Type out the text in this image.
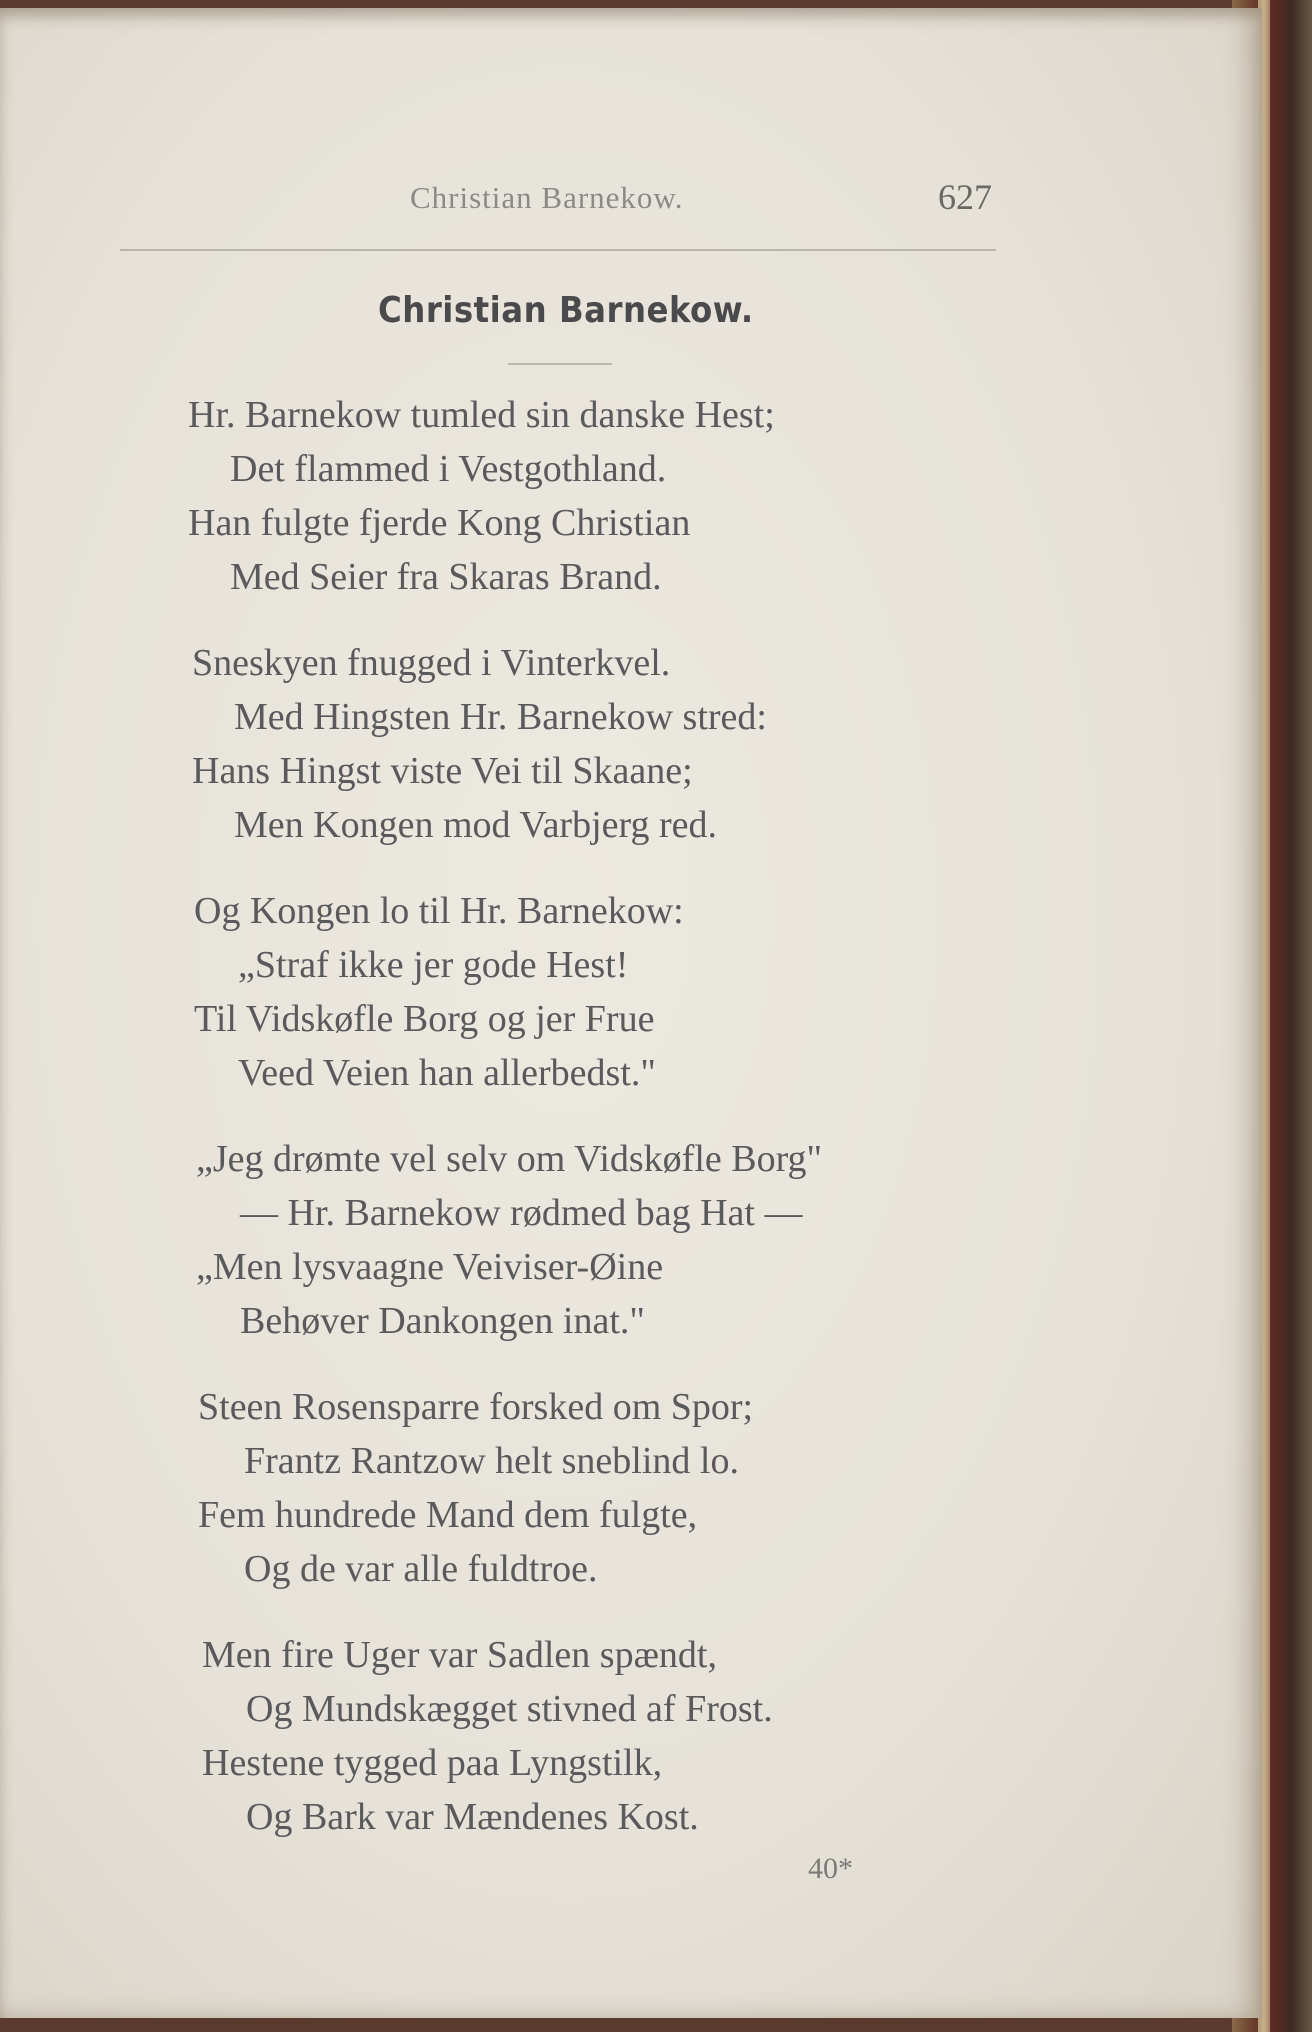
Christian Barnekow.	627
Christian Barnekow.
Hr. Barnekow tumled sin danske Hest;
Det flammed i Vestgothland.
Han fulgte fjerde Kong Christian
Med Seier fra Skaras Brand.
Sneskyen fnugged i Vinterkvel.
Med Hingsten Hr. Barnekow stred:
Hans Hingst viste Vei til Skaane;
Men Kongen mod Varbjerg red.
Og Kongen lo til Hr. Barnekow:
„Straf ikke jer gode Hest!
Til Vidskøfle Borg og jer Frue
Veed Veien han allerbedst."
„Jeg drømte vel selv om Vidskøfle Borg"
— Hr. Barnekow rødmed bag Hat —
„Men lysvaagne Veiviser-Øine
Behøver Dankongen inat."
Steen Rosensparre forsked om Spor;
Frantz Rantzow helt sneblind lo.
Fem hundrede Mand dem fulgte,
Og de var alle fuldtroe.
Men fire Uger var Sadlen spændt,
Og Mundskægget stivned af Frost.
Hestene tygged paa Lyngstilk,
Og Bark var Mændenes Kost.
40*
